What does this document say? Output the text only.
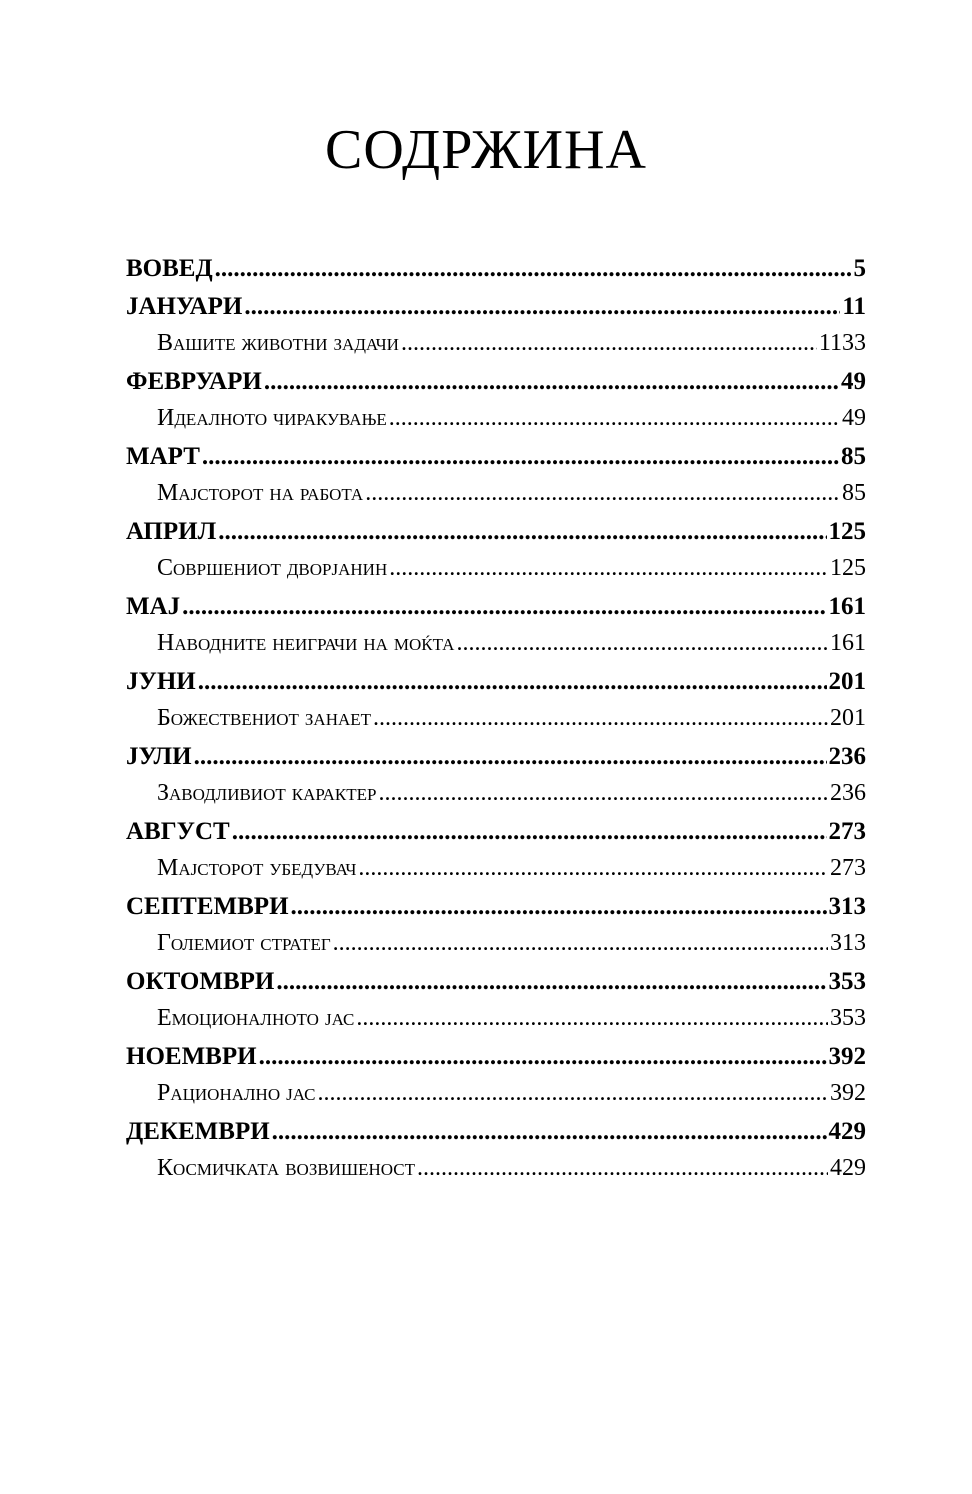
СОДРЖИНА
ВОВЕД .....	5
ЈАНУАРИ .....	11
Вашите животни задачи .....	1133
ФЕВРУАРИ .....	49
Идеалното чиракување .....	49
МАРТ .....	85
Мајсторот на работа .....	85
АПРИЛ .....	125
Совршениот дворјанин .....	125
МАЈ .....	161
Наводните неиграчи на моќта .....	161
ЈУНИ .....	201
Божествениот занает .....	201
ЈУЛИ .....	236
Заводливиот карактер .....	236
АВГУСТ .....	273
Мајсторот убедувач .....	273
СЕПТЕМВРИ .....	313
Големиот стратег .....	313
ОКТОМВРИ .....	353
Емоционалното јас .....	353
НОЕМВРИ .....	392
Рационално јас .....	392
ДЕКЕМВРИ .....	429
Космичката возвишеност .....	429
